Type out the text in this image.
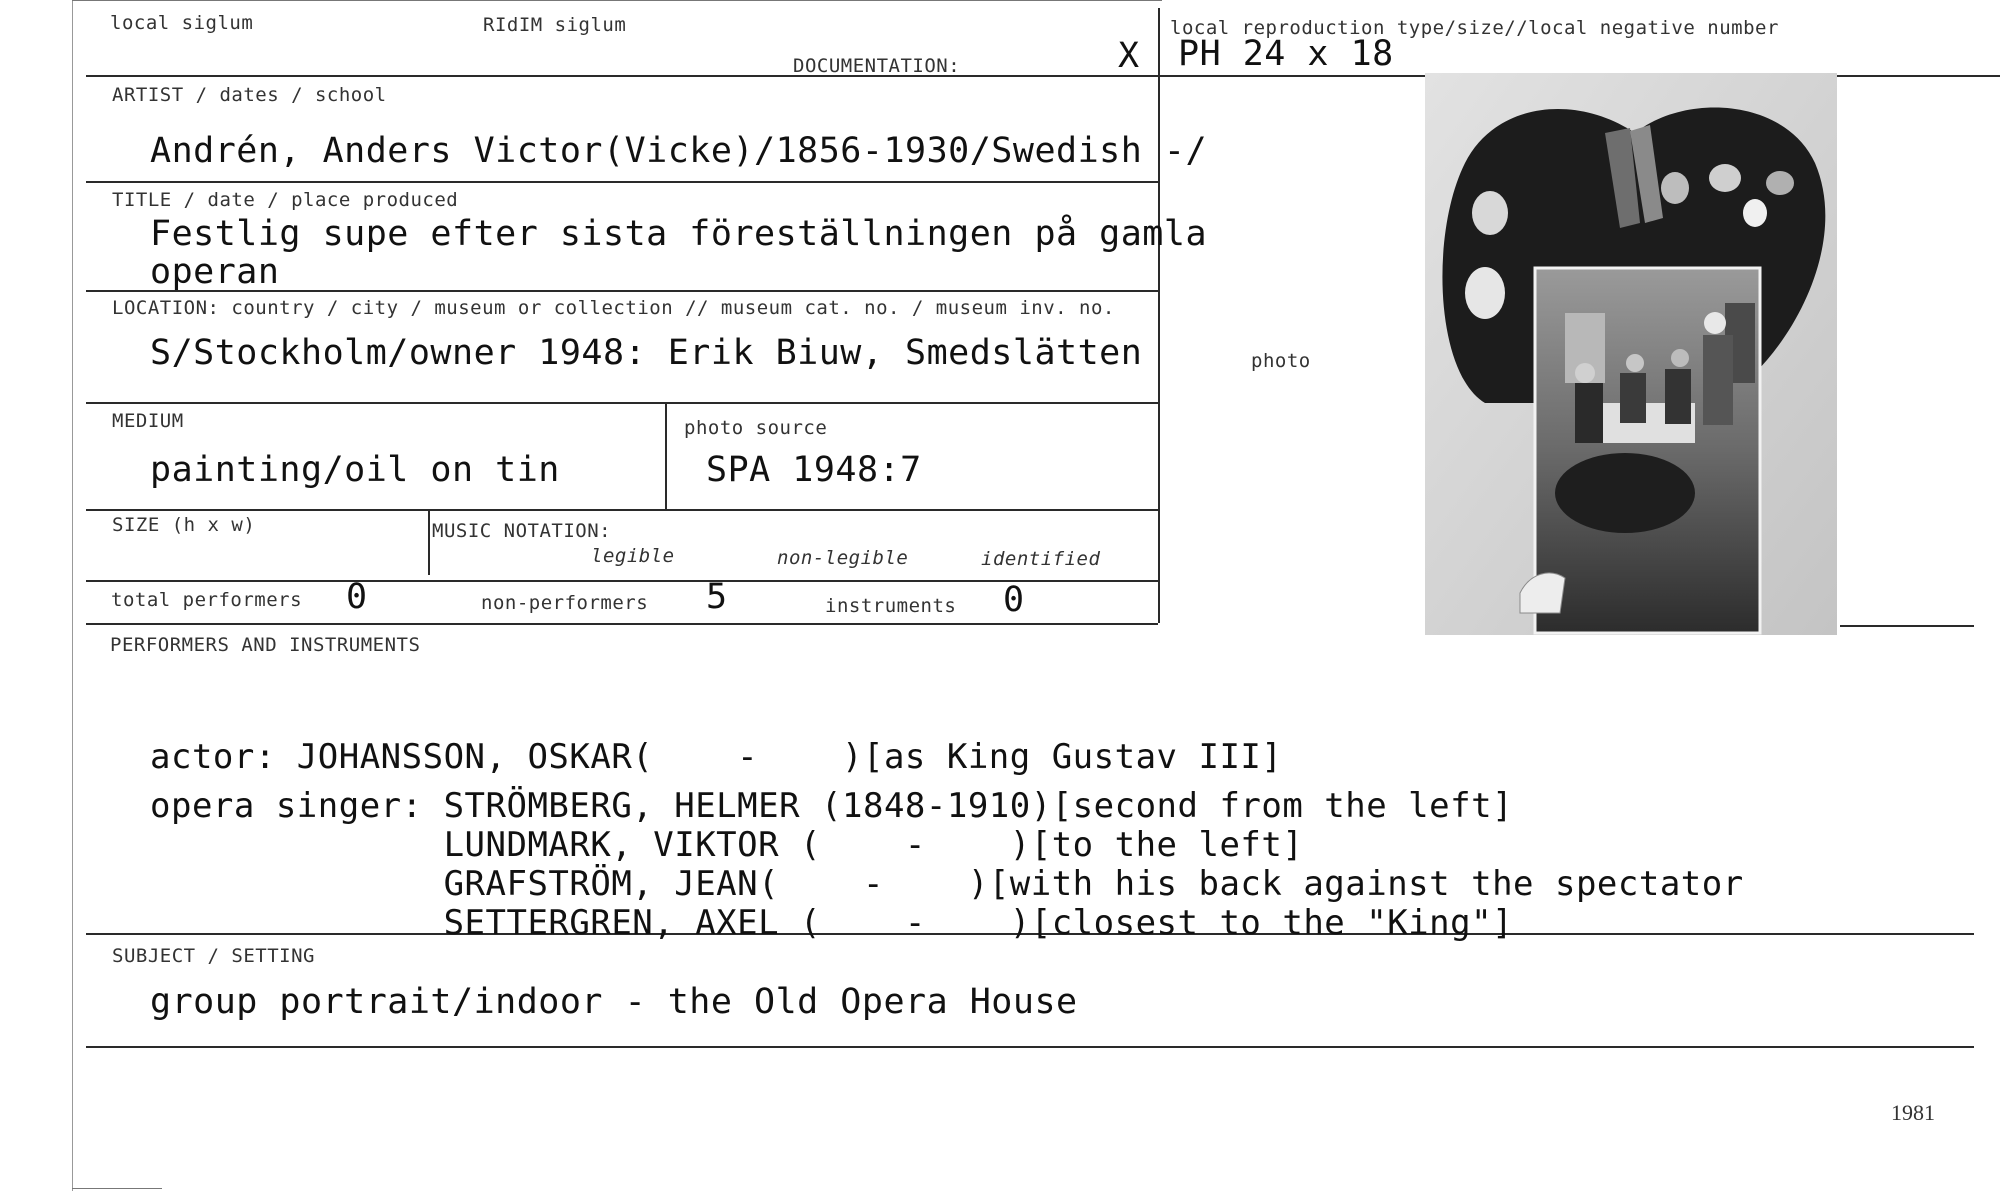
local siglum	RIdIM siglum
DOCUMENTATION:	X
local reproduction type/size//local negative number
PH 24 x 18
ARTIST / dates / school
Andrén, Anders Victor(Vicke)/1856-1930/Swedish -/
TITLE / date / place produced
Festlig supe efter sista föreställningen på gamla
operan
LOCATION: country / city / museum or collection // museum cat. no. / museum inv. no.
S/Stockholm/owner 1948: Erik Biuw, Smedslätten
MEDIUM
painting/oil on tin
photo source
SPA 1948:7
SIZE (h x w)	MUSIC NOTATION:
legible	non-legible	identified
total performers 0	non-performers 5	instruments 0
PERFORMERS AND INSTRUMENTS
actor: JOHANSSON, OSKAR(    -    )[as King Gustav III]
opera singer: STRÖMBERG, HELMER (1848-1910)[second from the left]
LUNDMARK, VIKTOR (    -    )[to the left]
GRAFSTRÖM, JEAN(    -    )[with his back against the spectator
SETTERGREN, AXEL (    -    )[closest to the "King"]
SUBJECT / SETTING
group portrait/indoor - the Old Opera House
photo
1981
